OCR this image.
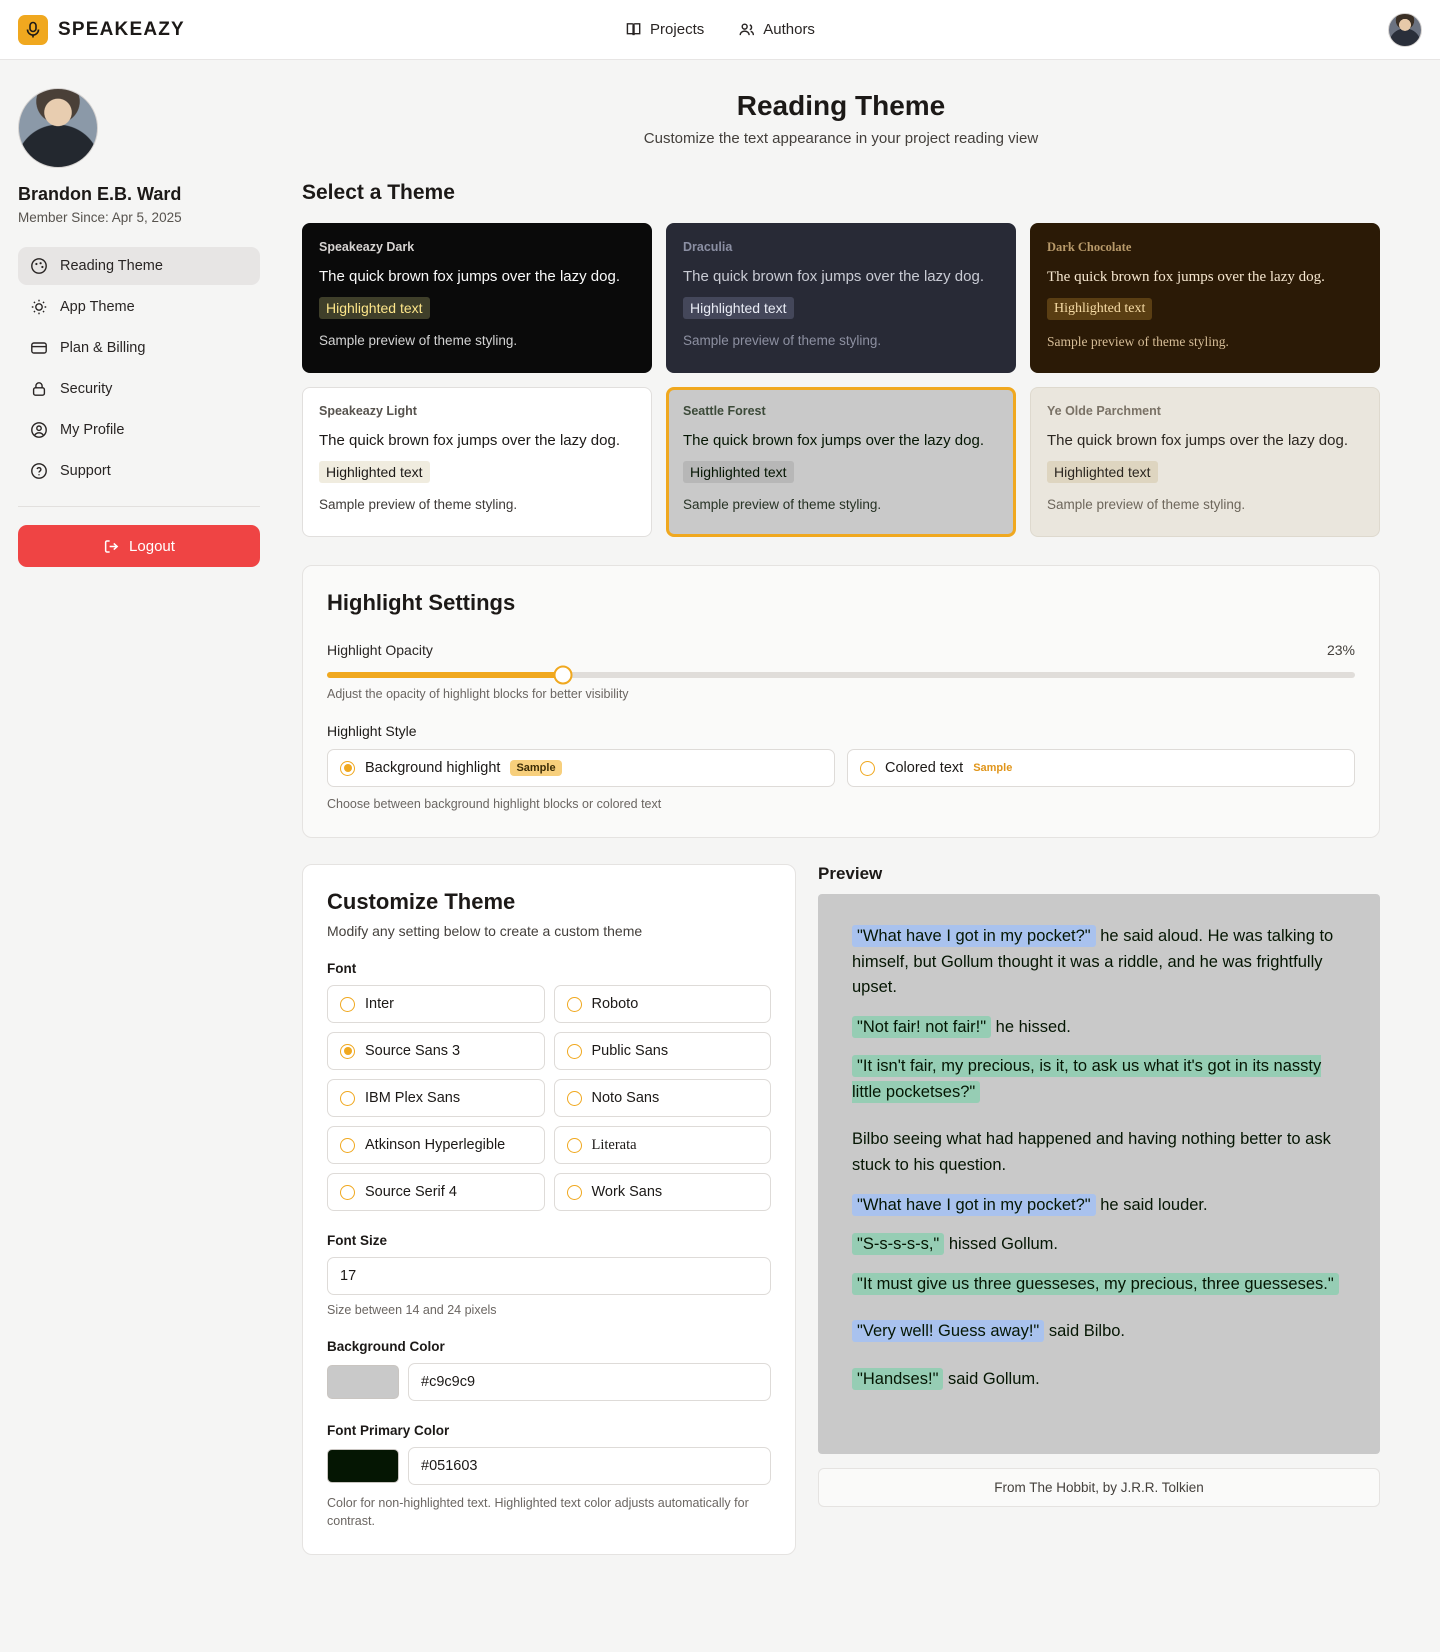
SPEAKEAZY	Projects	Authors
Brandon E.B. Ward
Member Since: Apr 5, 2025
Reading Theme
App Theme
Plan & Billing
Security
My Profile
Support
Logout
Reading Theme

Customize the text appearance in your project reading view

Select a Theme
Speakeazy Dark
The quick brown fox jumps over the lazy dog.
Highlighted text
Sample preview of theme styling.
Draculia
The quick brown fox jumps over the lazy dog.
Highlighted text
Sample preview of theme styling.
Dark Chocolate
The quick brown fox jumps over the lazy dog.
Highlighted text
Sample preview of theme styling.
Speakeazy Light
The quick brown fox jumps over the lazy dog.
Highlighted text
Sample preview of theme styling.
Seattle Forest
The quick brown fox jumps over the lazy dog.
Highlighted text
Sample preview of theme styling.
Ye Olde Parchment
The quick brown fox jumps over the lazy dog.
Highlighted text
Sample preview of theme styling.
Highlight Settings
Highlight Opacity	23%
Adjust the opacity of highlight blocks for better visibility
Highlight Style
Background highlight	Sample	Colored text Sample
Choose between background highlight blocks or colored text
Customize Theme

Modify any setting below to create a custom theme

Font
Inter	Roboto
Source Sans 3	Public Sans
IBM Plex Sans	Noto Sans
Atkinson Hyperlegible	Literata
Source Serif 4	Work Sans
Font Size
17
Size between 14 and 24 pixels
Background Color
#c9c9c9
Font Primary Color
#051603
Color for non-highlighted text. Highlighted text color adjusts automatically for contrast.
Preview

"What have I got in my pocket?" he said aloud. He was talking to himself, but Gollum thought it was a riddle, and he was frightfully upset.

"Not fair! not fair!" he hissed.

"It isn't fair, my precious, is it, to ask us what it's got in its nassty little pocketses?"

Bilbo seeing what had happened and having nothing better to ask stuck to his question.

"What have I got in my pocket?" he said louder.

"S-s-s-s-s," hissed Gollum.

"It must give us three guesseses, my precious, three guesseses."

"Very well! Guess away!" said Bilbo.

"Handses!" said Gollum.

From The Hobbit, by J.R.R. Tolkien
